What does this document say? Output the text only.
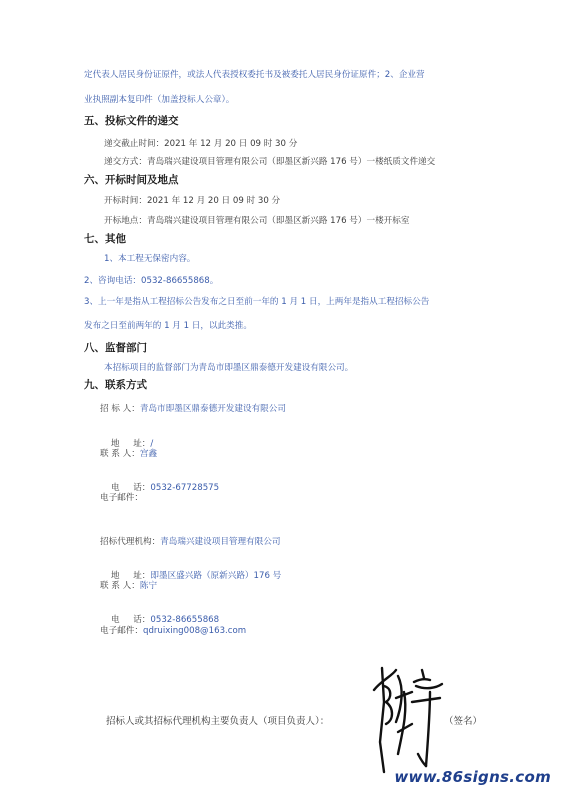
定代表人居民身份证原件，或法人代表授权委托书及被委托人居民身份证原件；2、企业营
业执照副本复印件（加盖投标人公章）。
五、投标文件的递交
递交截止时间：2021 年 12 月 20 日 09 时 30 分
递交方式：青岛瑞兴建设项目管理有限公司（即墨区新兴路 176 号）一楼纸质文件递交
六、开标时间及地点
开标时间：2021 年 12 月 20 日 09 时 30 分
开标地点：青岛瑞兴建设项目管理有限公司（即墨区新兴路 176 号）一楼开标室
七、其他
1、本工程无保密内容。
2、咨询电话：0532-86655868。
3、上一年是指从工程招标公告发布之日至前一年的 1 月 1 日，上两年是指从工程招标公告
发布之日至前两年的 1 月 1 日，以此类推。
八、监督部门
本招标项目的监督部门为青岛市即墨区鼎泰德开发建设有限公司。
九、联系方式
招 标 人：青岛市即墨区鼎泰德开发建设有限公司

地     址：/

联 系 人：宫鑫

电     话：0532-67728575

电子邮件：
招标代理机构：青岛瑞兴建设项目管理有限公司

地     址：即墨区盛兴路（原新兴路）176 号

联 系 人：陈宁

电     话：0532-86655868

电子邮件：qdruixing008@163.com
招标人或其招标代理机构主要负责人（项目负责人）：	（签名）
www.86signs.com
